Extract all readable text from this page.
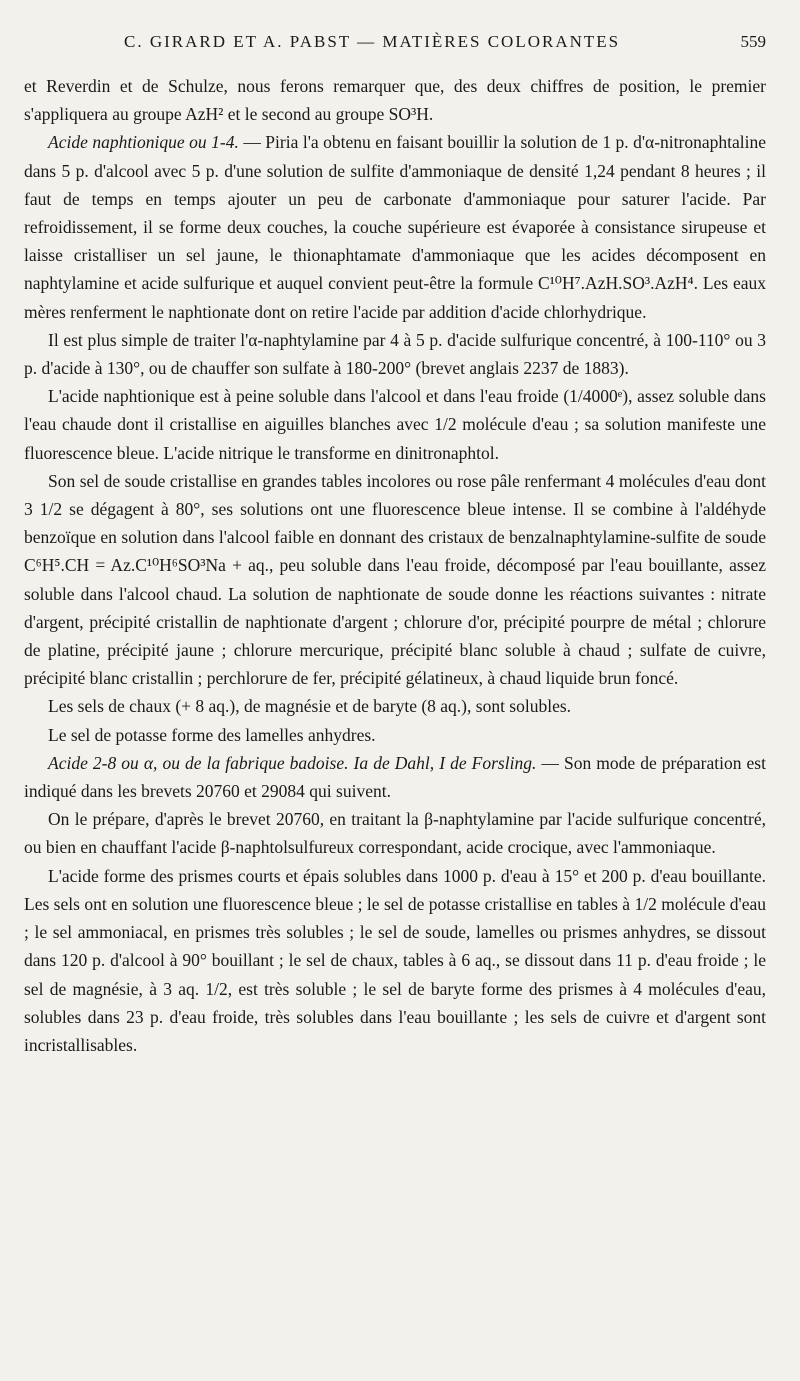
C. GIRARD ET A. PABST — MATIÈRES COLORANTES	559

et Reverdin et de Schulze, nous ferons remarquer que, des deux chiffres de position, le premier s'appliquera au groupe AzH² et le second au groupe SO³H.

Acide naphtionique ou 1-4. — Piria l'a obtenu en faisant bouillir la solution de 1 p. d'α-nitronaphtaline dans 5 p. d'alcool avec 5 p. d'une solution de sulfite d'ammoniaque de densité 1,24 pendant 8 heures ; il faut de temps en temps ajouter un peu de carbonate d'ammoniaque pour saturer l'acide. Par refroidissement, il se forme deux couches, la couche supérieure est évaporée à consistance sirupeuse et laisse cristalliser un sel jaune, le thionaphtamate d'ammoniaque que les acides décomposent en naphtylamine et acide sulfurique et auquel convient peut-être la formule C¹⁰H⁷.AzH.SO³.AzH⁴. Les eaux mères renferment le naphtionate dont on retire l'acide par addition d'acide chlorhydrique.

Il est plus simple de traiter l'α-naphtylamine par 4 à 5 p. d'acide sulfurique concentré, à 100-110° ou 3 p. d'acide à 130°, ou de chauffer son sulfate à 180-200° (brevet anglais 2237 de 1883).

L'acide naphtionique est à peine soluble dans l'alcool et dans l'eau froide (1/4000ᵉ), assez soluble dans l'eau chaude dont il cristallise en aiguilles blanches avec 1/2 molécule d'eau ; sa solution manifeste une fluorescence bleue. L'acide nitrique le transforme en dinitronaphtol.

Son sel de soude cristallise en grandes tables incolores ou rose pâle renfermant 4 molécules d'eau dont 3 1/2 se dégagent à 80°, ses solutions ont une fluorescence bleue intense. Il se combine à l'aldéhyde benzoïque en solution dans l'alcool faible en donnant des cristaux de benzalnaphtylamine-sulfite de soude C⁶H⁵.CH = Az.C¹⁰H⁶SO³Na + aq., peu soluble dans l'eau froide, décomposé par l'eau bouillante, assez soluble dans l'alcool chaud. La solution de naphtionate de soude donne les réactions suivantes : nitrate d'argent, précipité cristallin de naphtionate d'argent ; chlorure d'or, précipité pourpre de métal ; chlorure de platine, précipité jaune ; chlorure mercurique, précipité blanc soluble à chaud ; sulfate de cuivre, précipité blanc cristallin ; perchlorure de fer, précipité gélatineux, à chaud liquide brun foncé.

Les sels de chaux (+ 8 aq.), de magnésie et de baryte (8 aq.), sont solubles.

Le sel de potasse forme des lamelles anhydres.

Acide 2-8 ou α, ou de la fabrique badoise. Ia de Dahl, I de Forsling. — Son mode de préparation est indiqué dans les brevets 20760 et 29084 qui suivent.

On le prépare, d'après le brevet 20760, en traitant la β-naphtylamine par l'acide sulfurique concentré, ou bien en chauffant l'acide β-naphtolsulfureux correspondant, acide crocique, avec l'ammoniaque.

L'acide forme des prismes courts et épais solubles dans 1000 p. d'eau à 15° et 200 p. d'eau bouillante. Les sels ont en solution une fluorescence bleue ; le sel de potasse cristallise en tables à 1/2 molécule d'eau ; le sel ammoniacal, en prismes très solubles ; le sel de soude, lamelles ou prismes anhydres, se dissout dans 120 p. d'alcool à 90° bouillant ; le sel de chaux, tables à 6 aq., se dissout dans 11 p. d'eau froide ; le sel de magnésie, à 3 aq. 1/2, est très soluble ; le sel de baryte forme des prismes à 4 molécules d'eau, solubles dans 23 p. d'eau froide, très solubles dans l'eau bouillante ; les sels de cuivre et d'argent sont incristallisables.
